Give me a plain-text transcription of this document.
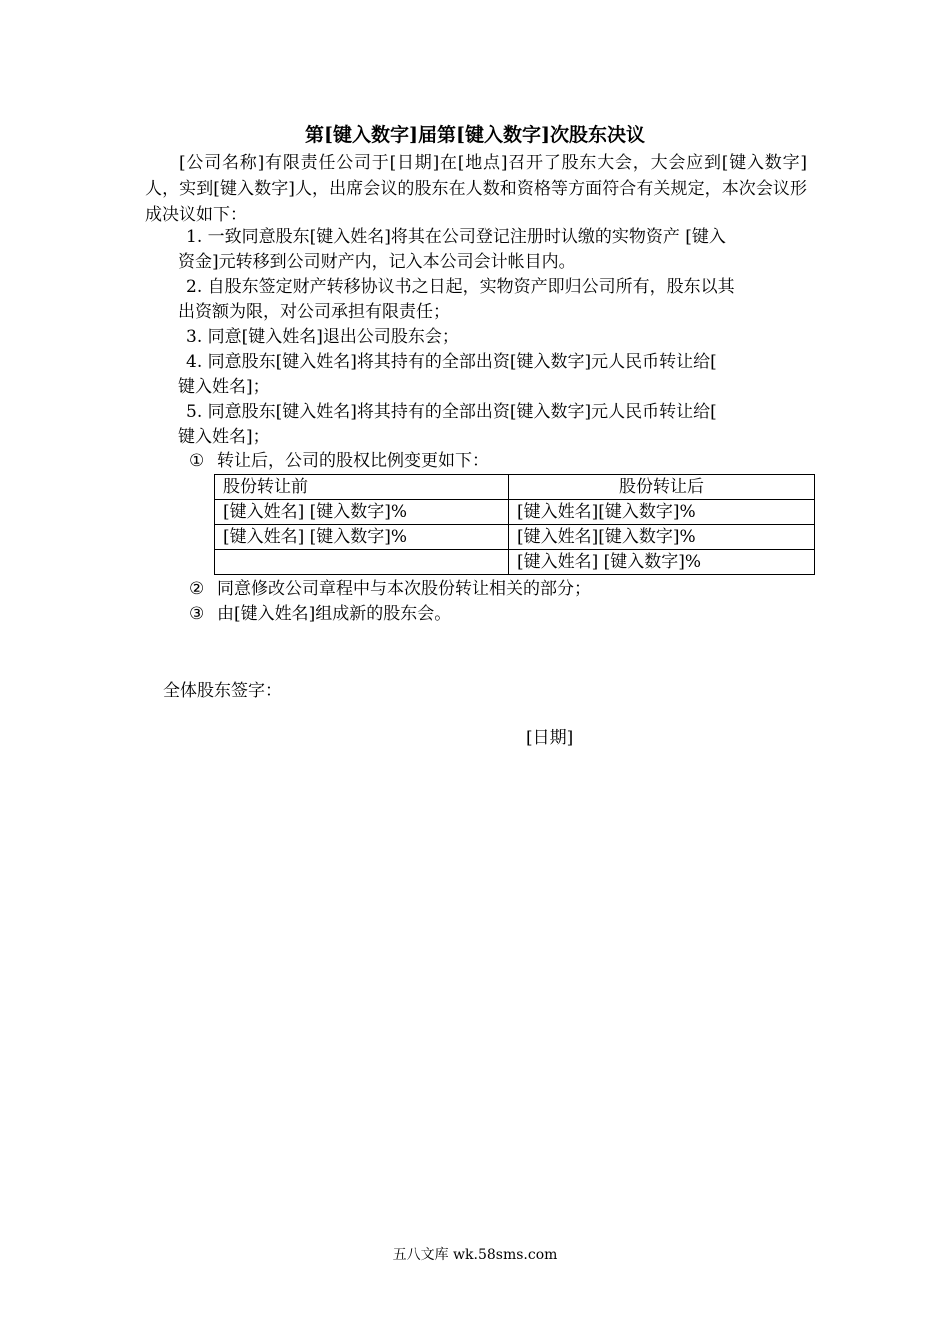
第[键入数字]届第[键入数字]次股东决议

[公司名称]有限责任公司于[日期]在[地点]召开了股东大会，大会应到[键入数字]人，实到[键入数字]人，出席会议的股东在人数和资格等方面符合有关规定，本次会议形成决议如下：

1. 一致同意股东[键入姓名]将其在公司登记注册时认缴的实物资产 [键入
资金]元转移到公司财产内，记入本公司会计帐目内。
2. 自股东签定财产转移协议书之日起，实物资产即归公司所有，股东以其
出资额为限，对公司承担有限责任；
3. 同意[键入姓名]退出公司股东会；
4. 同意股东[键入姓名]将其持有的全部出资[键入数字]元人民币转让给[
键入姓名]；
5. 同意股东[键入姓名]将其持有的全部出资[键入数字]元人民币转让给[
键入姓名]；
① 转让后，公司的股权比例变更如下：
股份转让前	股份转让后
[键入姓名] [键入数字]%	[键入姓名][键入数字]%
[键入姓名] [键入数字]%	[键入姓名][键入数字]%
	[键入姓名] [键入数字]%
② 同意修改公司章程中与本次股份转让相关的部分；
③ 由[键入姓名]组成新的股东会。
全体股东签字：
[日期]
五八文库 wk.58sms.com
